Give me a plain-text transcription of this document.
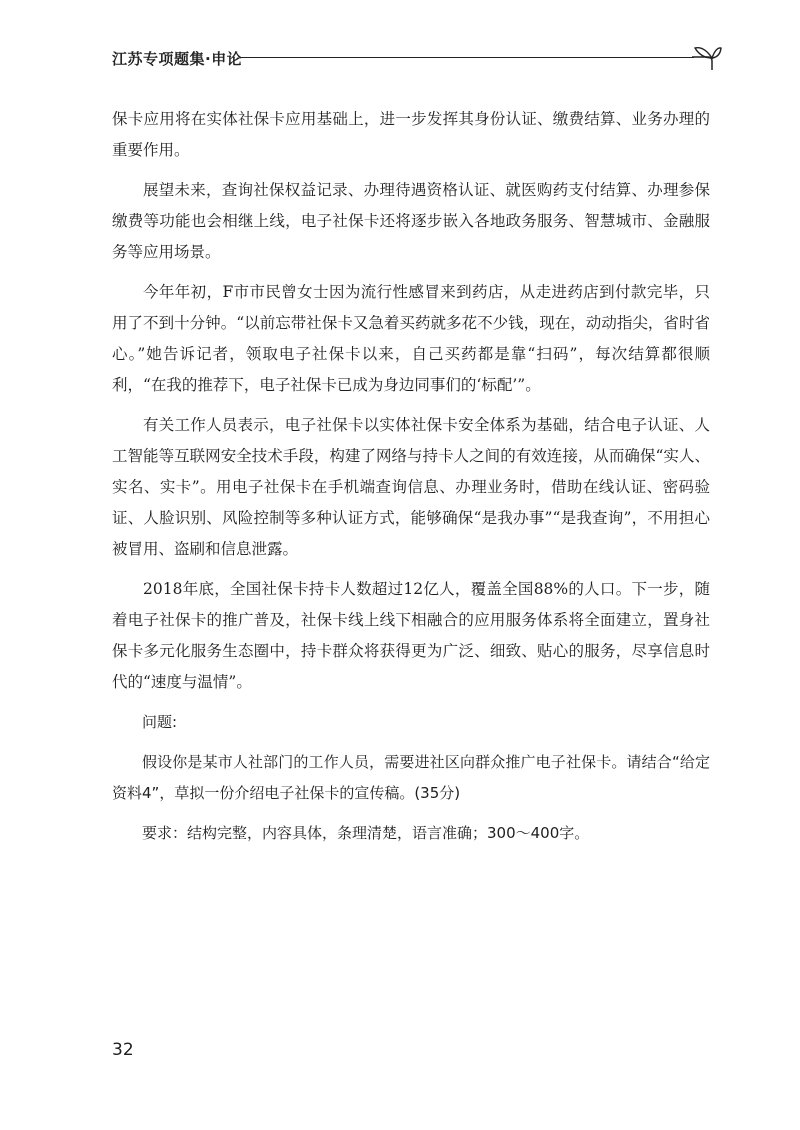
江苏专项题集·申论

保卡应用将在实体社保卡应用基础上，进一步发挥其身份认证、缴费结算、业务办理的重要作用。

展望未来，查询社保权益记录、办理待遇资格认证、就医购药支付结算、办理参保缴费等功能也会相继上线，电子社保卡还将逐步嵌入各地政务服务、智慧城市、金融服务等应用场景。

今年年初，F市市民曾女士因为流行性感冒来到药店，从走进药店到付款完毕，只用了不到十分钟。“以前忘带社保卡又急着买药就多花不少钱，现在，动动指尖，省时省心。”她告诉记者，领取电子社保卡以来，自己买药都是靠“扫码”，每次结算都很顺利，“在我的推荐下，电子社保卡已成为身边同事们的‘标配’”。

有关工作人员表示，电子社保卡以实体社保卡安全体系为基础，结合电子认证、人工智能等互联网安全技术手段，构建了网络与持卡人之间的有效连接，从而确保“实人、实名、实卡”。用电子社保卡在手机端查询信息、办理业务时，借助在线认证、密码验证、人脸识别、风险控制等多种认证方式，能够确保“是我办事”“是我查询”，不用担心被冒用、盗刷和信息泄露。

2018年底，全国社保卡持卡人数超过12亿人，覆盖全国88%的人口。下一步，随着电子社保卡的推广普及，社保卡线上线下相融合的应用服务体系将全面建立，置身社保卡多元化服务生态圈中，持卡群众将获得更为广泛、细致、贴心的服务，尽享信息时代的“速度与温情”。

问题:

假设你是某市人社部门的工作人员，需要进社区向群众推广电子社保卡。请结合“给定资料4”，草拟一份介绍电子社保卡的宣传稿。(35分)

要求：结构完整，内容具体，条理清楚，语言准确；300～400字。

32
